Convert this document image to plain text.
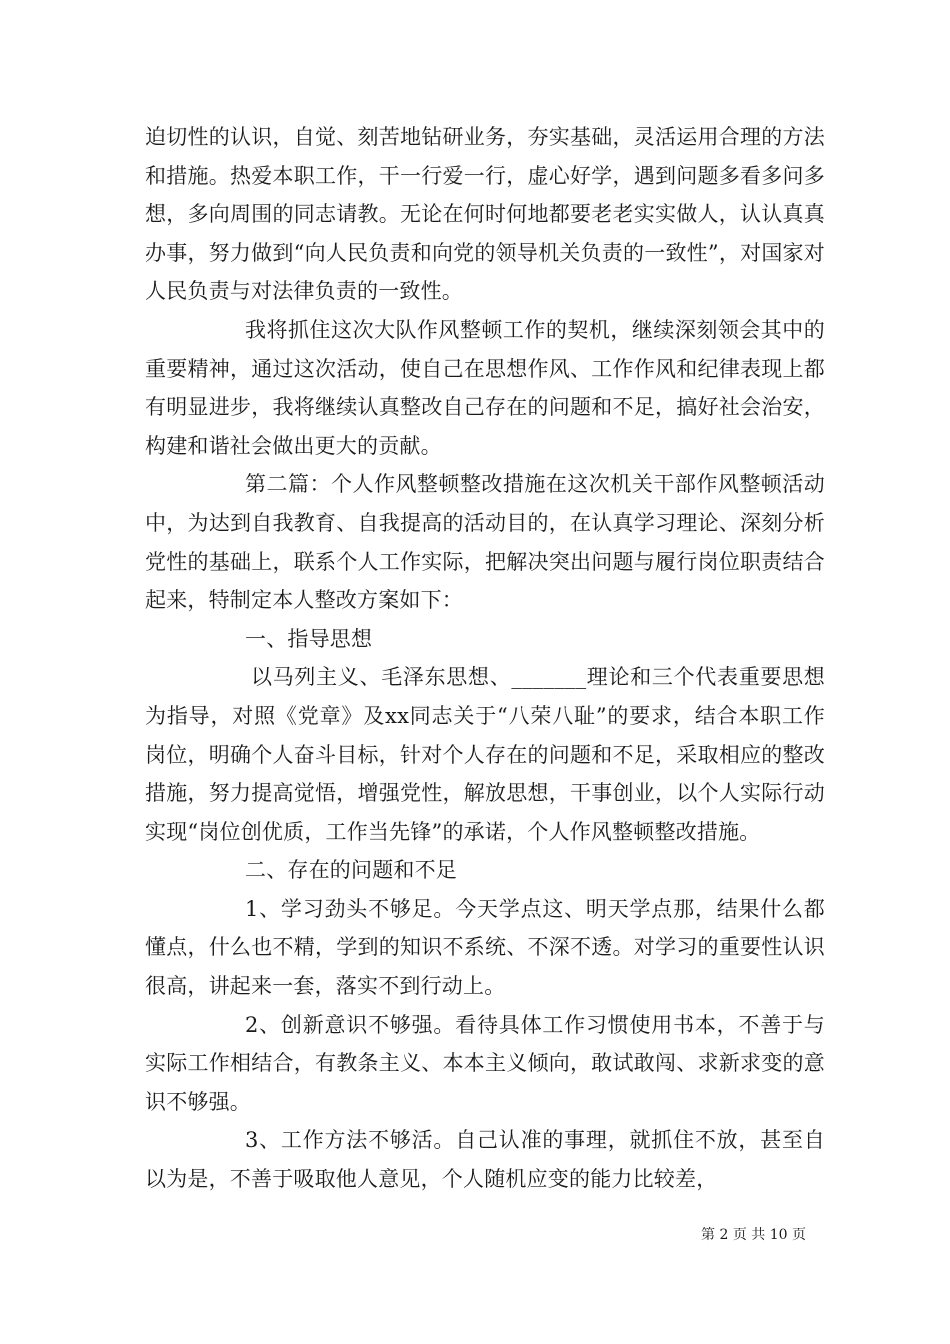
迫切性的认识，自觉、刻苦地钻研业务，夯实基础，灵活运用合理的方法和措施。热爱本职工作，干一行爱一行，虚心好学，遇到问题多看多问多想，多向周围的同志请教。无论在何时何地都要老老实实做人，认认真真办事，努力做到“向人民负责和向党的领导机关负责的一致性”，对国家对人民负责与对法律负责的一致性。

我将抓住这次大队作风整顿工作的契机，继续深刻领会其中的重要精神，通过这次活动，使自己在思想作风、工作作风和纪律表现上都有明显进步，我将继续认真整改自己存在的问题和不足，搞好社会治安，构建和谐社会做出更大的贡献。

第二篇：个人作风整顿整改措施在这次机关干部作风整顿活动中，为达到自我教育、自我提高的活动目的，在认真学习理论、深刻分析党性的基础上，联系个人工作实际，把解决突出问题与履行岗位职责结合起来，特制定本人整改方案如下：

一、指导思想

以马列主义、毛泽东思想、_______理论和三个代表重要思想为指导，对照《党章》及xx同志关于“八荣八耻”的要求，结合本职工作岗位，明确个人奋斗目标，针对个人存在的问题和不足，采取相应的整改措施，努力提高觉悟，增强党性，解放思想，干事创业，以个人实际行动实现“岗位创优质，工作当先锋”的承诺，个人作风整顿整改措施。

二、存在的问题和不足

1、学习劲头不够足。今天学点这、明天学点那，结果什么都懂点，什么也不精，学到的知识不系统、不深不透。对学习的重要性认识很高，讲起来一套，落实不到行动上。

2、创新意识不够强。看待具体工作习惯使用书本，不善于与实际工作相结合，有教条主义、本本主义倾向，敢试敢闯、求新求变的意识不够强。

3、工作方法不够活。自己认准的事理，就抓住不放，甚至自以为是，不善于吸取他人意见，个人随机应变的能力比较差，

第 2 页 共 10 页
